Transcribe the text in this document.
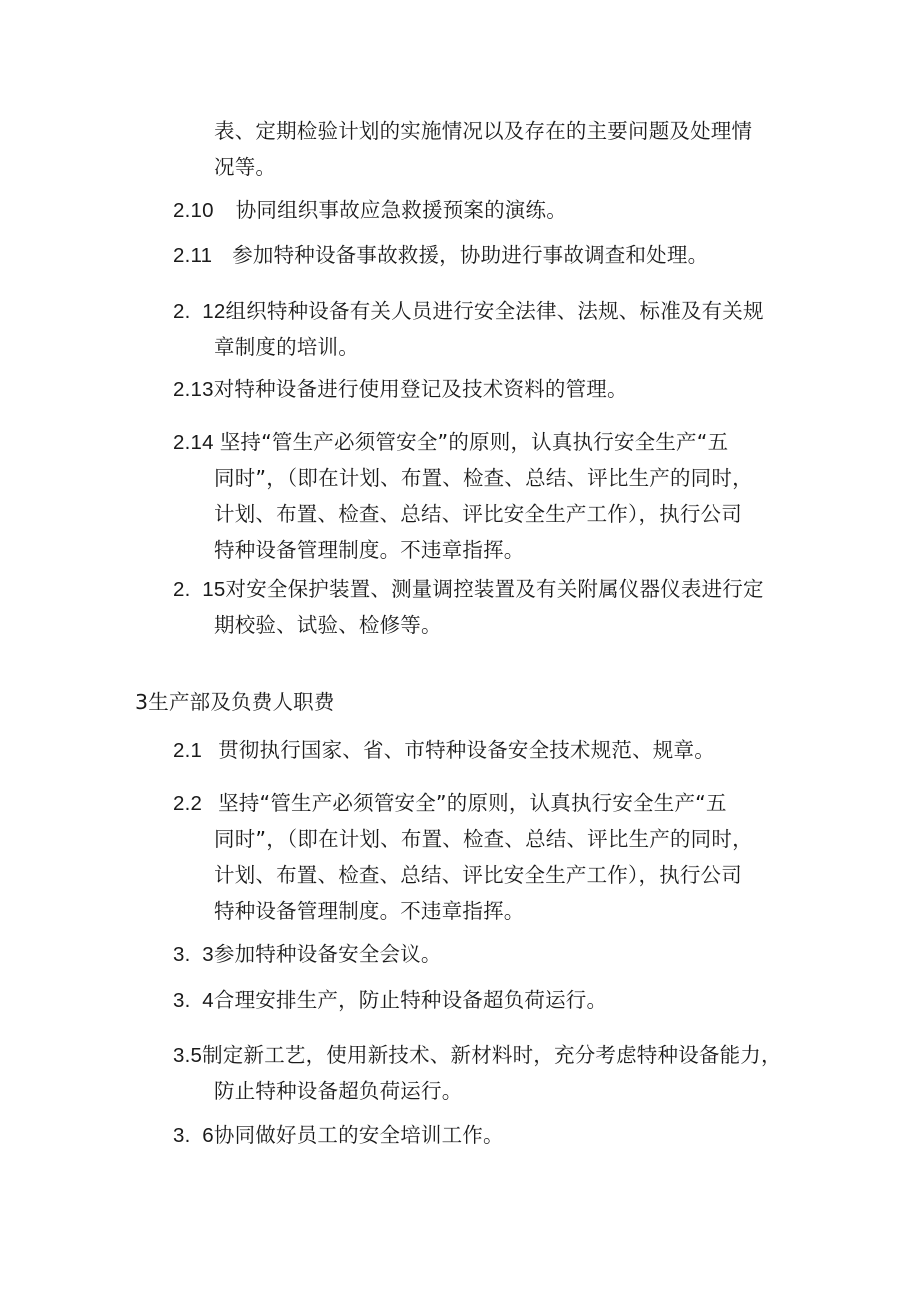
表、定期检验计划的实施情况以及存在的主要问题及处理情
况等。
2.10 协同组织事故应急救援预案的演练。
2.11 参加特种设备事故救援，协助进行事故调查和处理。
2.  12组织特种设备有关人员进行安全法律、法规、标准及有关规
章制度的培训。
2.13对特种设备进行使用登记及技术资料的管理。
2.14 坚持“管生产必须管安全”的原则，认真执行安全生产“五
同时”，（即在计划、布置、检查、总结、评比生产的同时，
计划、布置、检查、总结、评比安全生产工作），执行公司
特种设备管理制度。不违章指挥。
2.  15对安全保护装置、测量调控装置及有关附属仪器仪表进行定
期校验、试验、检修等。
3生产部及负费人职费
2.1 贯彻执行国家、省、市特种设备安全技术规范、规章。
2.2 坚持“管生产必须管安全”的原则，认真执行安全生产“五
同时”，（即在计划、布置、检查、总结、评比生产的同时，
计划、布置、检查、总结、评比安全生产工作），执行公司
特种设备管理制度。不违章指挥。
3.  3参加特种设备安全会议。
3.  4合理安排生产，防止特种设备超负荷运行。
3.5制定新工艺，使用新技术、新材料时，充分考虑特种设备能力，
防止特种设备超负荷运行。
3.  6协同做好员工的安全培训工作。
